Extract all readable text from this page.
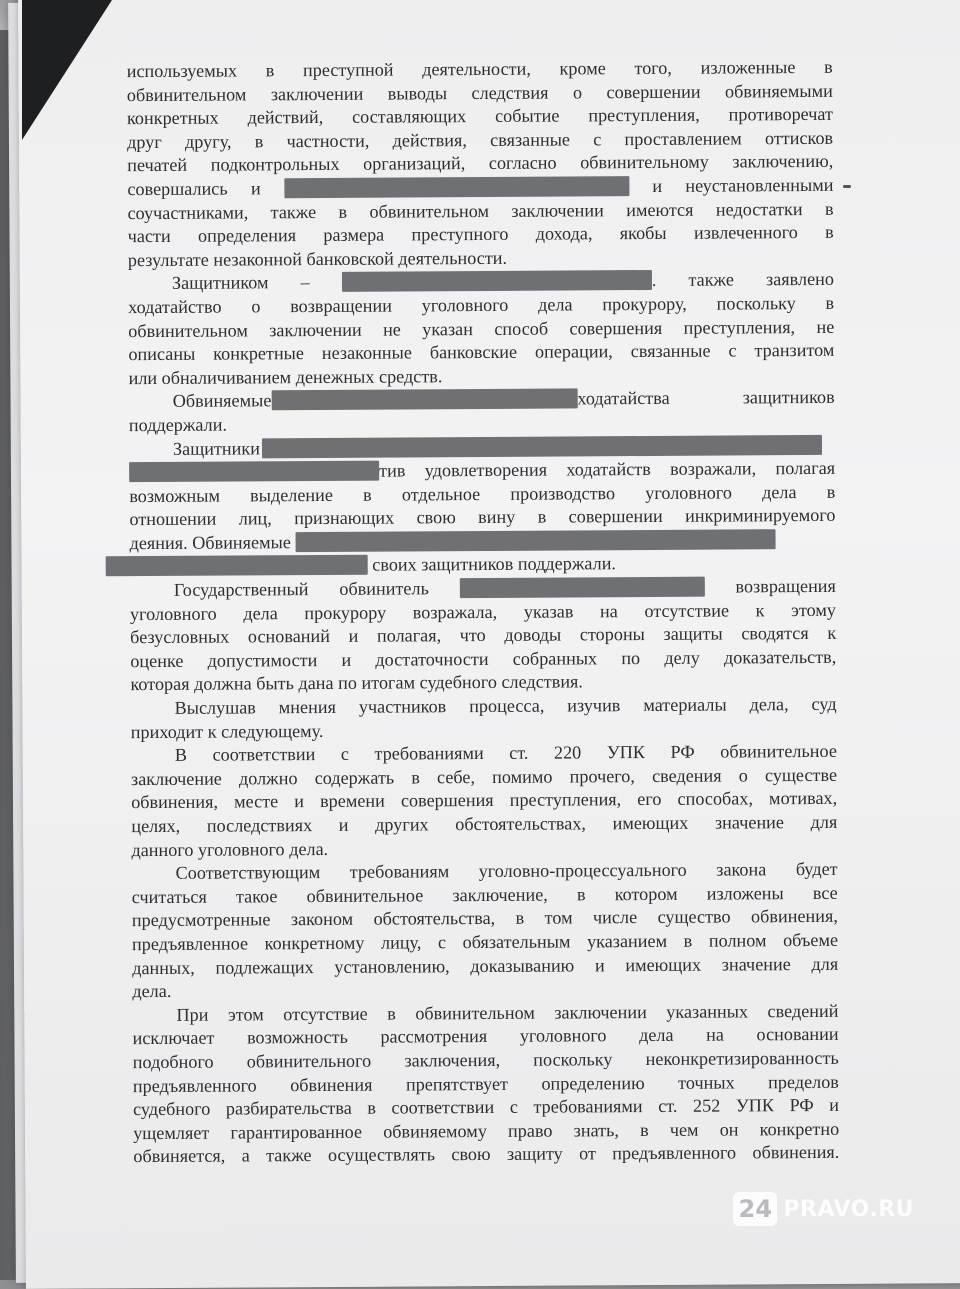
используемых в преступной деятельности, кроме того, изложенные в
обвинительном заключении выводы следствия о совершении обвиняемыми
конкретных действий, составляющих событие преступления, противоречат
друг другу, в частности, действия, связанные с проставлением оттисков
печатей подконтрольных организаций, согласно обвинительному заключению,
совершались и	и неустановленными
соучастниками, также в обвинительном заключении имеются недостатки в
части определения размера преступного дохода, якобы извлеченного в
результате незаконной банковской деятельности.
Защитником –	. также заявлено
ходатайство о возвращении уголовного дела прокурору, поскольку в
обвинительном заключении не указан способ совершения преступления, не
описаны конкретные незаконные банковские операции, связанные с транзитом
или обналичиванием денежных средств.
Обвиняемые	ходатайства защитников
поддержали.
Защитники
тив удовлетворения ходатайств возражали, полагая
возможным выделение в отдельное производство уголовного дела в
отношении лиц, признающих свою вину в совершении инкриминируемого
деяния. Обвиняемые
своих защитников поддержали.
Государственный обвинитель	возвращения
уголовного дела прокурору возражала, указав на отсутствие к этому
безусловных оснований и полагая, что доводы стороны защиты сводятся к
оценке допустимости и достаточности собранных по делу доказательств,
которая должна быть дана по итогам судебного следствия.
Выслушав мнения участников процесса, изучив материалы дела, суд
приходит к следующему.
В соответствии с требованиями ст. 220 УПК РФ обвинительное
заключение должно содержать в себе, помимо прочего, сведения о существе
обвинения, месте и времени совершения преступления, его способах, мотивах,
целях, последствиях и других обстоятельствах, имеющих значение для
данного уголовного дела.
Соответствующим требованиям уголовно-процессуального закона будет
считаться такое обвинительное заключение, в котором изложены все
предусмотренные законом обстоятельства, в том числе существо обвинения,
предъявленное конкретному лицу, с обязательным указанием в полном объеме
данных, подлежащих установлению, доказыванию и имеющих значение для
дела.
При этом отсутствие в обвинительном заключении указанных сведений
исключает возможность рассмотрения уголовного дела на основании
подобного обвинительного заключения, поскольку неконкретизированность
предъявленного обвинения препятствует определению точных пределов
судебного разбирательства в соответствии с требованиями ст. 252 УПК РФ и
ущемляет гарантированное обвиняемому право знать, в чем он конкретно
обвиняется, а также осуществлять свою защиту от предъявленного обвинения.
24 PRAVO.RU
